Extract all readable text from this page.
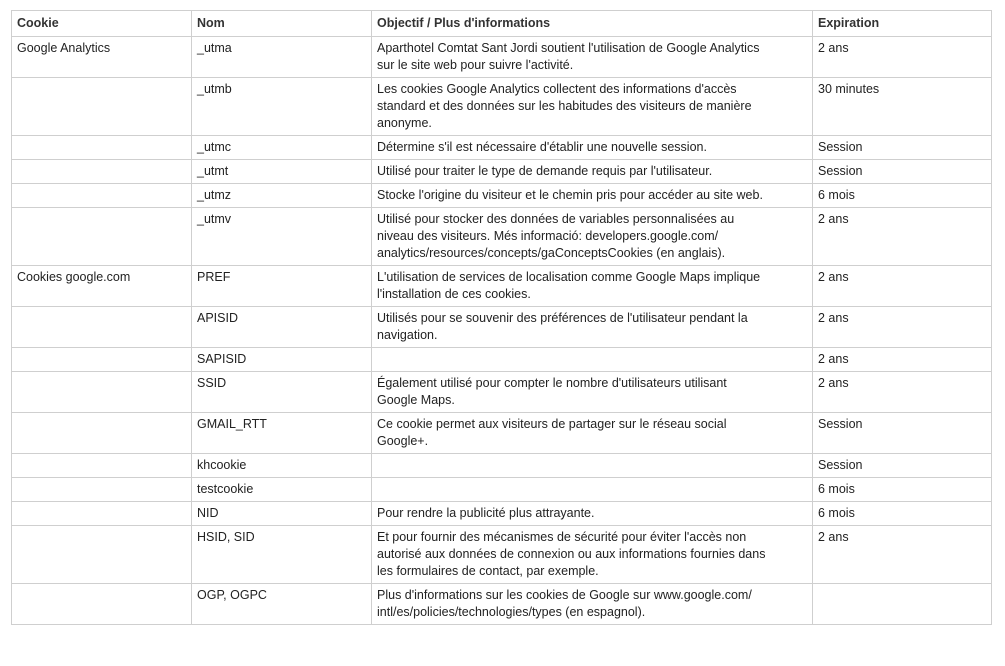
Cookie	Nom	Objectif / Plus d'informations	Expiration
Google Analytics	_utma	Aparthotel Comtat Sant Jordi soutient l'utilisation de Google Analytics
sur le site web pour suivre l'activité.	2 ans
	_utmb	Les cookies Google Analytics collectent des informations d'accès
standard et des données sur les habitudes des visiteurs de manière
anonyme.	30 minutes
	_utmc	Détermine s'il est nécessaire d'établir une nouvelle session.	Session
	_utmt	Utilisé pour traiter le type de demande requis par l'utilisateur.	Session
	_utmz	Stocke l'origine du visiteur et le chemin pris pour accéder au site web.	6 mois
	_utmv	Utilisé pour stocker des données de variables personnalisées au
niveau des visiteurs. Més informació: developers.google.com/
analytics/resources/concepts/gaConceptsCookies (en anglais).	2 ans
Cookies google.com	PREF	L'utilisation de services de localisation comme Google Maps implique
l'installation de ces cookies.	2 ans
	APISID	Utilisés pour se souvenir des préférences de l'utilisateur pendant la
navigation.	2 ans
	SAPISID		2 ans
	SSID	Également utilisé pour compter le nombre d'utilisateurs utilisant
Google Maps.	2 ans
	GMAIL_RTT	Ce cookie permet aux visiteurs de partager sur le réseau social
Google+.	Session
	khcookie		Session
	testcookie		6 mois
	NID	Pour rendre la publicité plus attrayante.	6 mois
	HSID, SID	Et pour fournir des mécanismes de sécurité pour éviter l'accès non
autorisé aux données de connexion ou aux informations fournies dans
les formulaires de contact, par exemple.	2 ans
	OGP, OGPC	Plus d'informations sur les cookies de Google sur www.google.com/
intl/es/policies/technologies/types (en espagnol).	
